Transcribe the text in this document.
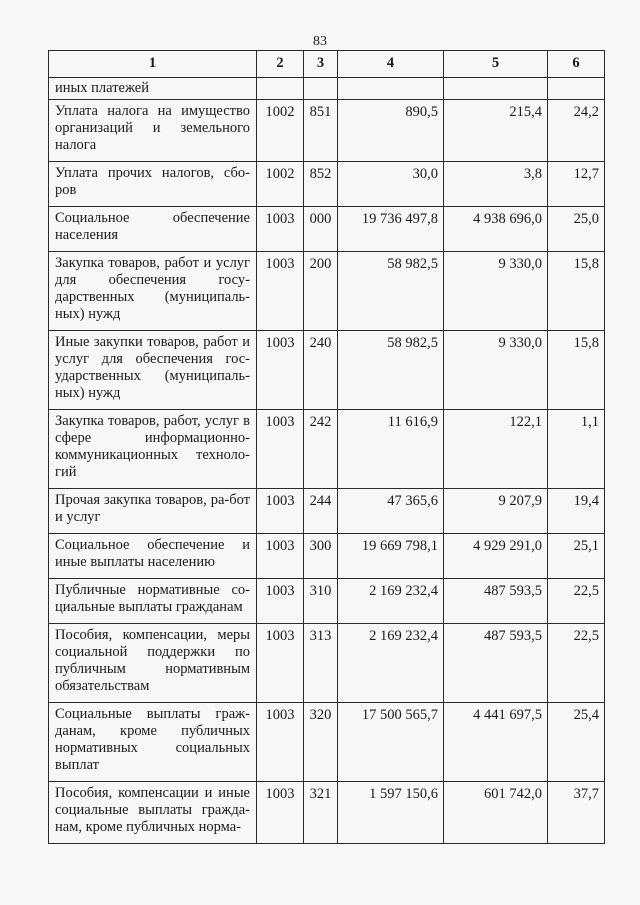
83
1	2	3	4	5	6
иных платежей					
Уплата налога на имущество организаций и земельного налога	1002	851	890,5	215,4	24,2
Уплата прочих налогов, сбо-ров	1002	852	30,0	3,8	12,7
Социальное обеспечение населения	1003	000	19 736 497,8	4 938 696,0	25,0
Закупка товаров, работ и услуг для обеспечения госу-дарственных (муниципаль-ных) нужд	1003	200	58 982,5	9 330,0	15,8
Иные закупки товаров, работ и услуг для обеспечения гос-ударственных (муниципаль-ных) нужд	1003	240	58 982,5	9 330,0	15,8
Закупка товаров, работ, услуг в сфере информационно-коммуникационных техноло-гий	1003	242	11 616,9	122,1	1,1
Прочая закупка товаров, ра-бот и услуг	1003	244	47 365,6	9 207,9	19,4
Социальное обеспечение и иные выплаты населению	1003	300	19 669 798,1	4 929 291,0	25,1
Публичные нормативные со-циальные выплаты гражданам	1003	310	2 169 232,4	487 593,5	22,5
Пособия, компенсации, меры социальной поддержки по публичным нормативным обязательствам	1003	313	2 169 232,4	487 593,5	22,5
Социальные выплаты граж-данам, кроме публичных нормативных социальных выплат	1003	320	17 500 565,7	4 441 697,5	25,4
Пособия, компенсации и иные социальные выплаты гражда-нам, кроме публичных норма-	1003	321	1 597 150,6	601 742,0	37,7
